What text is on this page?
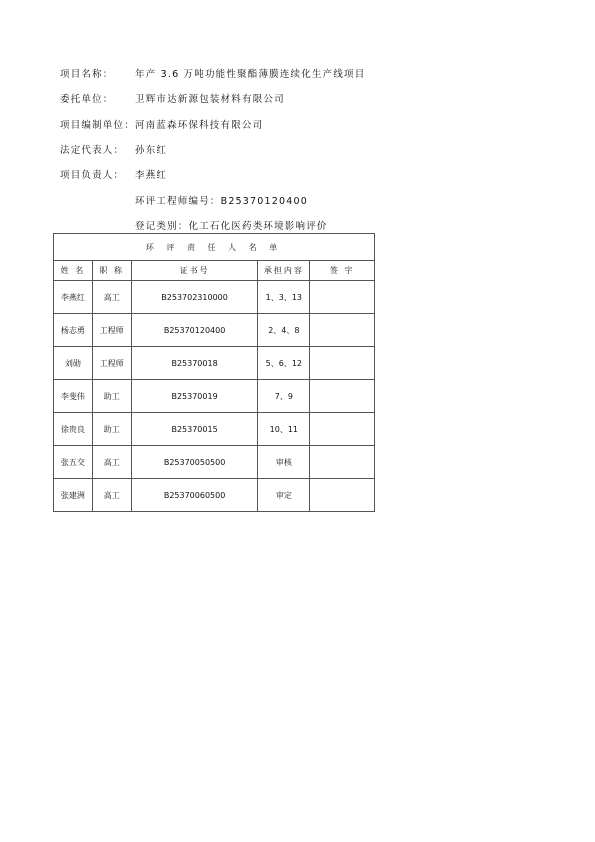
项目名称： 年产 3.6 万吨功能性聚酯薄膜连续化生产线项目
委托单位： 卫辉市达新源包装材料有限公司
项目编制单位：河南蓝森环保科技有限公司
法定代表人： 孙东红
项目负责人： 李燕红
环评工程师编号：B25370120400
登记类别：化工石化医药类环境影响评价
环 评 责 任 人 名 单				
姓 名	职 称	证书号	承担内容	签 字
李燕红	高工	B253702310000	1、3、13	
杨志勇	工程师	B25370120400	2、4、8	
刘勋	工程师	B25370018	5、6、12	
李斐伟	助工	B25370019	7、9	
徐贵良	助工	B25370015	10、11	
张五交	高工	B25370050500	审核	
张建洲	高工	B25370060500	审定	
